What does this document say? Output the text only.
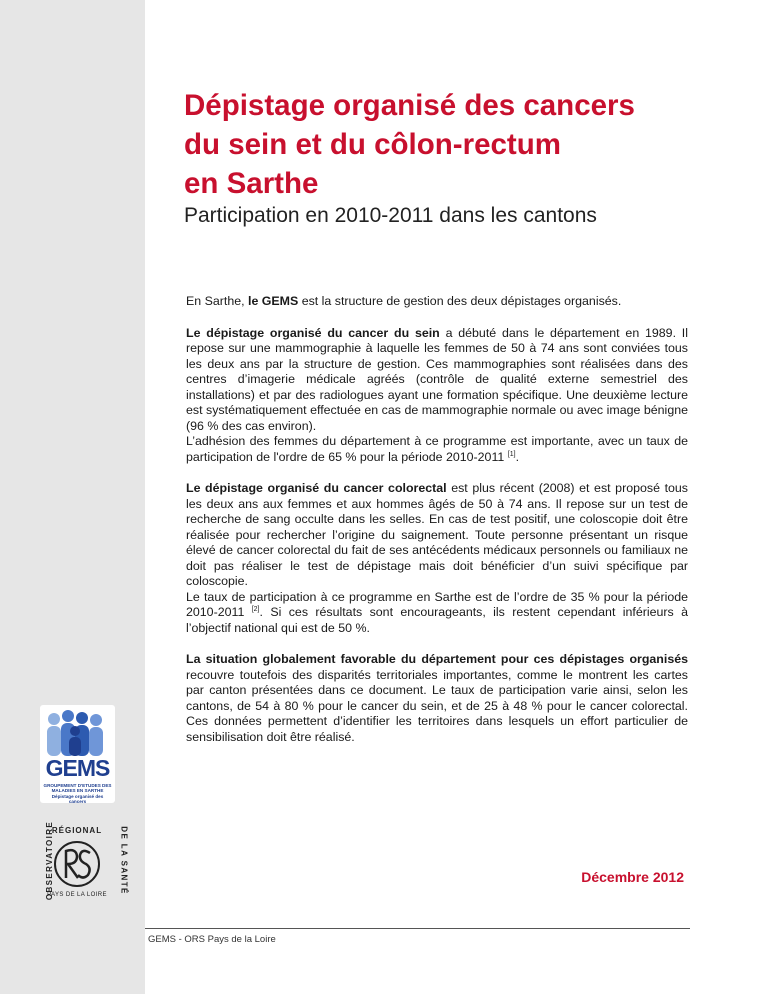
GEMS
GROUPEMENT D'ETUDES DES MALADIES EN SARTHE
Dépistage organisé des cancers
RÉGIONAL
OBSERVATOIRE	DE LA SANTÉ
PAYS DE LA LOIRE
Dépistage organisé des cancers
du sein et du côlon-rectum
en Sarthe
Participation en 2010-2011 dans les cantons

En Sarthe, le GEMS est la structure de gestion des deux dépistages organisés.

Le dépistage organisé du cancer du sein a débuté dans le département en 1989. Il repose sur une mammographie à laquelle les femmes de 50 à 74 ans sont conviées tous les deux ans par la structure de gestion. Ces mammographies sont réalisées dans des centres d’imagerie médicale agréés (contrôle de qualité externe semestriel des installations) et par des radiologues ayant une formation spécifique. Une deuxième lecture est systématiquement effectuée en cas de mammographie normale ou avec image bénigne (96 % des cas environ).
L’adhésion des femmes du département à ce programme est importante, avec un taux de participation de l'ordre de 65 % pour la période 2010-2011 [1].

Le dépistage organisé du cancer colorectal est plus récent (2008) et est proposé tous les deux ans aux femmes et aux hommes âgés de 50 à 74 ans. Il repose sur un test de recherche de sang occulte dans les selles. En cas de test positif, une coloscopie doit être réalisée pour rechercher l’origine du saignement. Toute personne présentant un risque élevé de cancer colorectal du fait de ses antécédents médicaux personnels ou familiaux ne doit pas réaliser le test de dépistage mais doit bénéficier d’un suivi spécifique par coloscopie.
Le taux de participation à ce programme en Sarthe est de l’ordre de 35 % pour la période 2010-2011 [2]. Si ces résultats sont encourageants, ils restent cependant inférieurs à l’objectif national qui est de 50 %.

La situation globalement favorable du département pour ces dépistages organisés recouvre toutefois des disparités territoriales importantes, comme le montrent les cartes par canton présentées dans ce document. Le taux de participation varie ainsi, selon les cantons, de 54 à 80 % pour le cancer du sein, et de 25 à 48 % pour le cancer colorectal. Ces données permettent d’identifier les territoires dans lesquels un effort particulier de sensibilisation doit être réalisé.

Décembre 2012
GEMS - ORS Pays de la Loire
